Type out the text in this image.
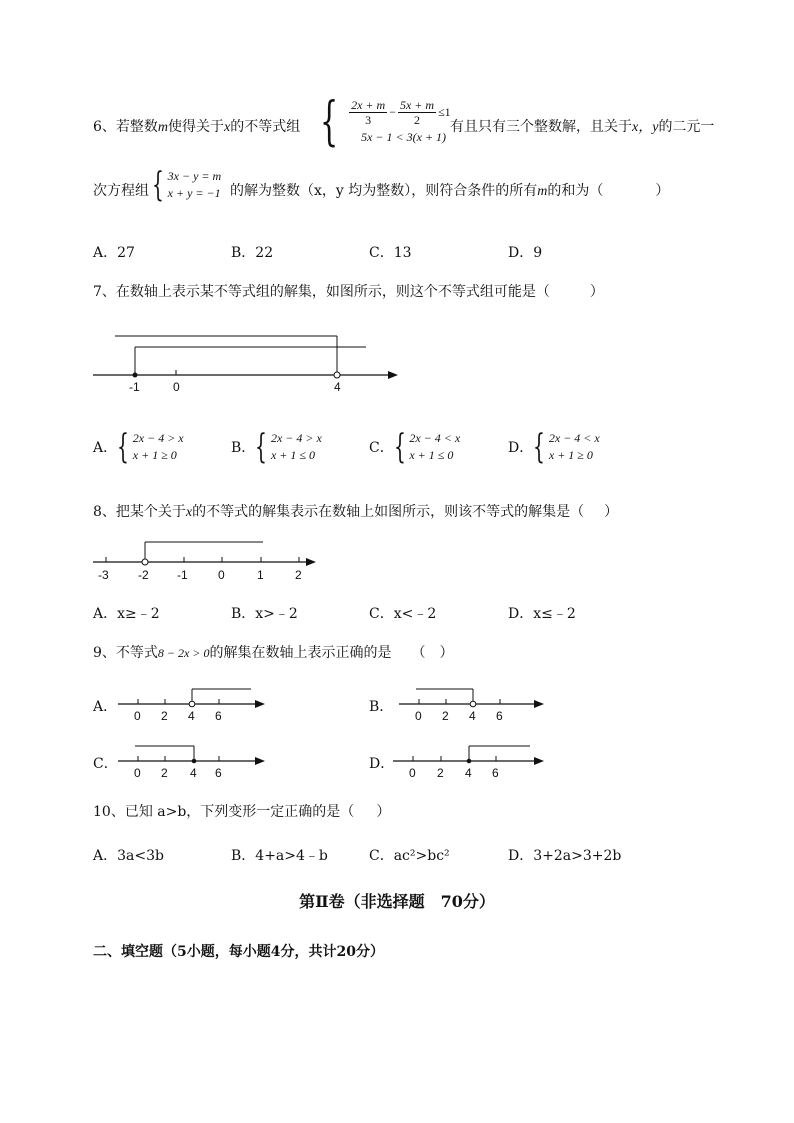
6、若整数m使得关于x的不等式组 { $\frac{2x + m}{3} - \frac{5x + m}{2} \le 1$
5x − 1 < 3(x + 1)
有且只有三个整数解，且关于x，y的二元一
次方程组 { 3x − y = m
x + y = −1 的解为整数（x，y 均为整数），则符合条件的所有m的和为（	）
A．27	B．22	C．13	D．9
7、在数轴上表示某不等式组的解集，如图所示，则这个不等式组可能是（	）
-1	0	4
A． { 2x − 4 > x
x + 1 ≥ 0	B． { 2x − 4 > x
x + 1 ≤ 0	C． { 2x − 4 < x
x + 1 ≤ 0	D． { 2x − 4 < x
x + 1 ≥ 0
8、把某个关于x的不等式的解集表示在数轴上如图所示，则该不等式的解集是（ ）
-3 -2 -1	0	1	2
A．x≥﹣2	B．x>﹣2	C．x<﹣2	D．x≤﹣2
9、不等式8 − 2x > 0的解集在数轴上表示正确的是 （　）
A．
0 2 4 6
B．
0 2 4 6
C．
0 2 4 6
D．
0 2 4 6
10、已知 a>b，下列变形一定正确的是（ ）
A．3a<3b	B．4+a>4﹣b	C．ac²>bc²	D．3+2a>3+2b
第Ⅱ卷（非选择题　70分）
二、填空题（5小题，每小题4分，共计20分）
